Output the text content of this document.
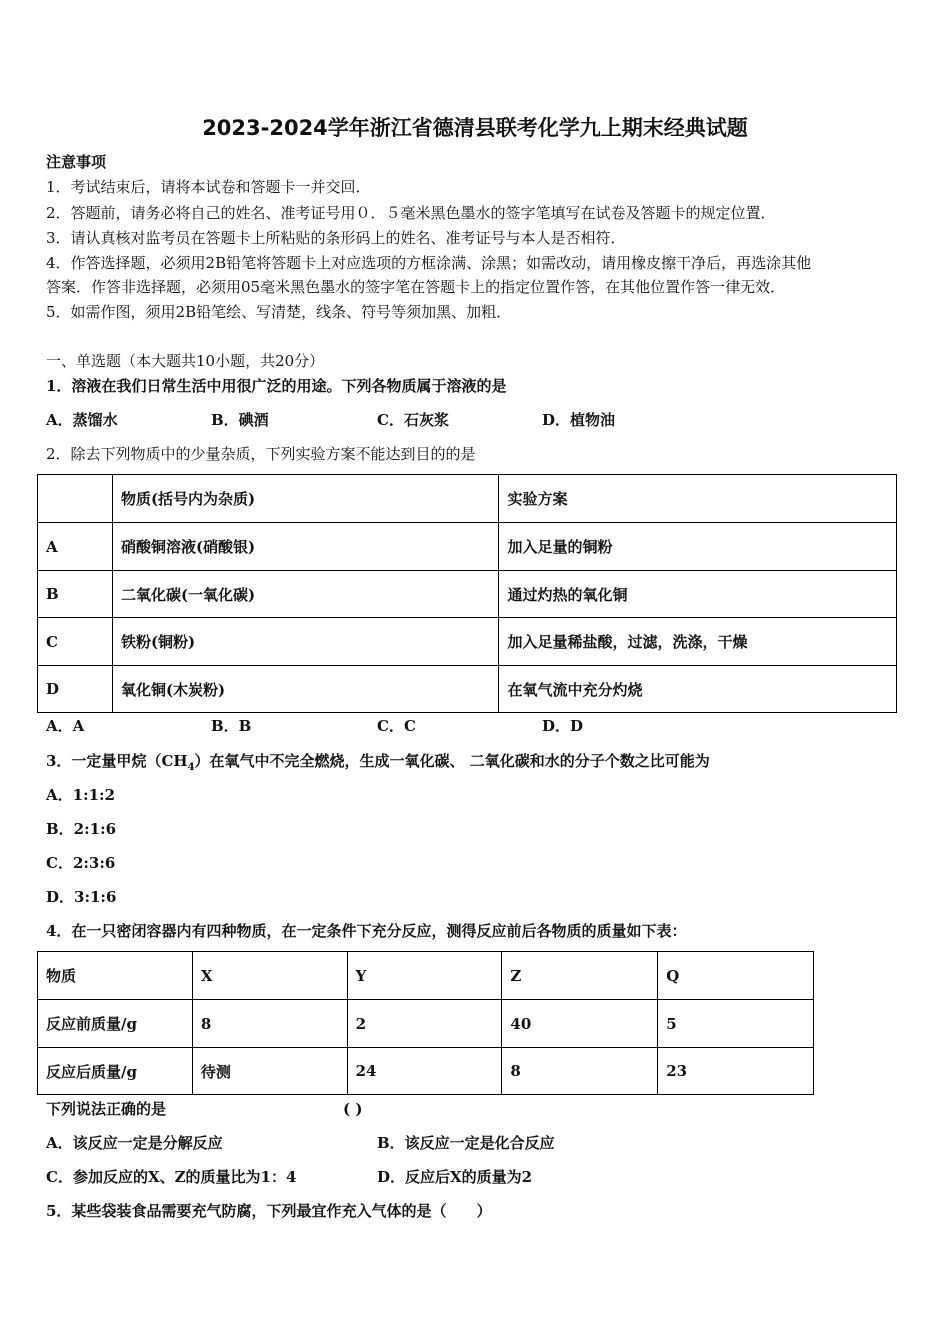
2023-2024学年浙江省德清县联考化学九上期末经典试题
注意事项
1．考试结束后，请将本试卷和答题卡一并交回．
2．答题前，请务必将自己的姓名、准考证号用０．５毫米黑色墨水的签字笔填写在试卷及答题卡的规定位置．
3．请认真核对监考员在答题卡上所粘贴的条形码上的姓名、准考证号与本人是否相符．
4．作答选择题，必须用2B铅笔将答题卡上对应选项的方框涂满、涂黑；如需改动，请用橡皮擦干净后，再选涂其他
答案．作答非选择题，必须用05毫米黑色墨水的签字笔在答题卡上的指定位置作答，在其他位置作答一律无效．
5．如需作图，须用2B铅笔绘、写清楚，线条、符号等须加黑、加粗．
一、单选题（本大题共10小题，共20分）
1．溶液在我们日常生活中用很广泛的用途。下列各物质属于溶液的是
A．蒸馏水	B．碘酒	C．石灰浆	D．植物油
2．除去下列物质中的少量杂质，下列实验方案不能达到目的的是
	物质(括号内为杂质)	实验方案
A	硝酸铜溶液(硝酸银)	加入足量的铜粉
B	二氧化碳(一氧化碳)	通过灼热的氧化铜
C	铁粉(铜粉)	加入足量稀盐酸，过滤，洗涤，干燥
D	氧化铜(木炭粉)	在氧气流中充分灼烧
A．A	B．B	C．C	D．D
3．一定量甲烷$(CH_4)$在氧气中不完全燃烧，生成一氧化碳、 二氧化碳和水的分子个数之比可能为
A．1:1:2
B．2:1:6
C．2:3:6
D．3:1:6
4．在一只密闭容器内有四种物质，在一定条件下充分反应，测得反应前后各物质的质量如下表：
物质	X	Y	Z	Q
反应前质量/g	8	2	40	5
反应后质量/g	待测	24	8	23
下列说法正确的是	( )
A．该反应一定是分解反应	B．该反应一定是化合反应
C．参加反应的X、Z的质量比为1：4	D．反应后X的质量为2
5．某些袋装食品需要充气防腐，下列最宜作充入气体的是（　　）
